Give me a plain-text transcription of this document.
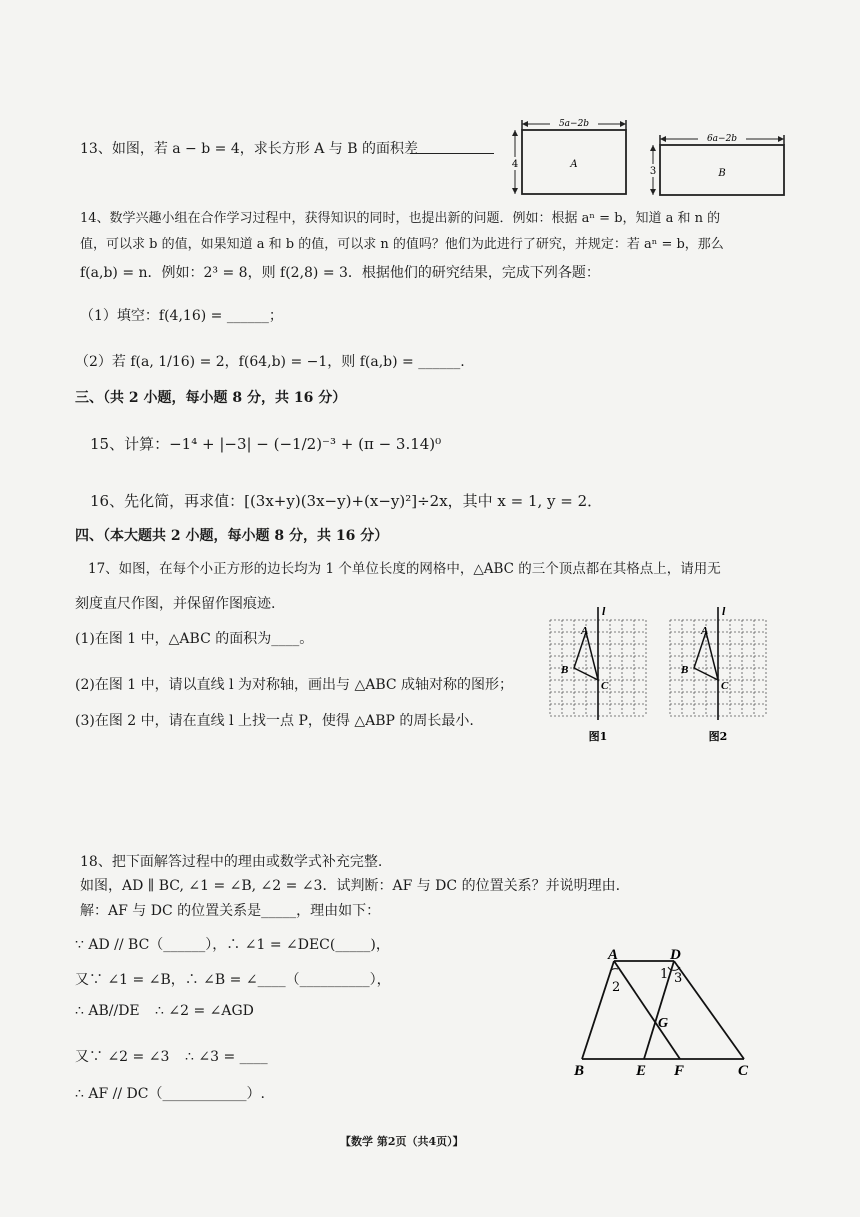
13、如图，若 a − b = 4，求长方形 A 与 B 的面积差
5a−2b
4	A
6a−2b
3	B
14、数学兴趣小组在合作学习过程中，获得知识的同时，也提出新的问题．例如：根据 aⁿ = b，知道 a 和 n 的
值，可以求 b 的值，如果知道 a 和 b 的值，可以求 n 的值吗？他们为此进行了研究，并规定：若 aⁿ = b，那么
f(a,b) = n．例如：2³ = 8，则 f(2,8) = 3．根据他们的研究结果，完成下列各题：
（1）填空：f(4,16) = ______；
（2）若 f(a, 1/16) = 2，f(64,b) = −1，则 f(a,b) = ______.
三、（共 2 小题，每小题 8 分，共 16 分）
15、计算：−1⁴ + |−3| − (−1/2)⁻³ + (π − 3.14)⁰
16、先化简，再求值：[(3x+y)(3x−y)+(x−y)²]÷2x，其中 x = 1, y = 2．
四、（本大题共 2 小题，每小题 8 分，共 16 分）
17、如图，在每个小正方形的边长均为 1 个单位长度的网格中，△ABC 的三个顶点都在其格点上，请用无
刻度直尺作图，并保留作图痕迹.
(1)在图 1 中，△ABC 的面积为____。
(2)在图 1 中，请以直线 l 为对称轴，画出与 △ABC 成轴对称的图形；
(3)在图 2 中，请在直线 l 上找一点 P，使得 △ABP 的周长最小.
l
A
B
C
图1
l
A
B
C
图2
18、把下面解答过程中的理由或数学式补充完整.
如图，AD ∥ BC, ∠1 = ∠B, ∠2 = ∠3．试判断：AF 与 DC 的位置关系？并说明理由.
解：AF 与 DC 的位置关系是_____，理由如下：
∵ AD // BC（______），∴ ∠1 = ∠DEC(_____)，
又∵ ∠1 = ∠B，∴ ∠B = ∠____（__________），
∴ AB//DE ∴ ∠2 = ∠AGD
又∵ ∠2 = ∠3 ∴ ∠3 = ____
∴ AF // DC（____________）.
A	D
B	E F	C
G
1
2
3
【数学 第2页（共4页）】
